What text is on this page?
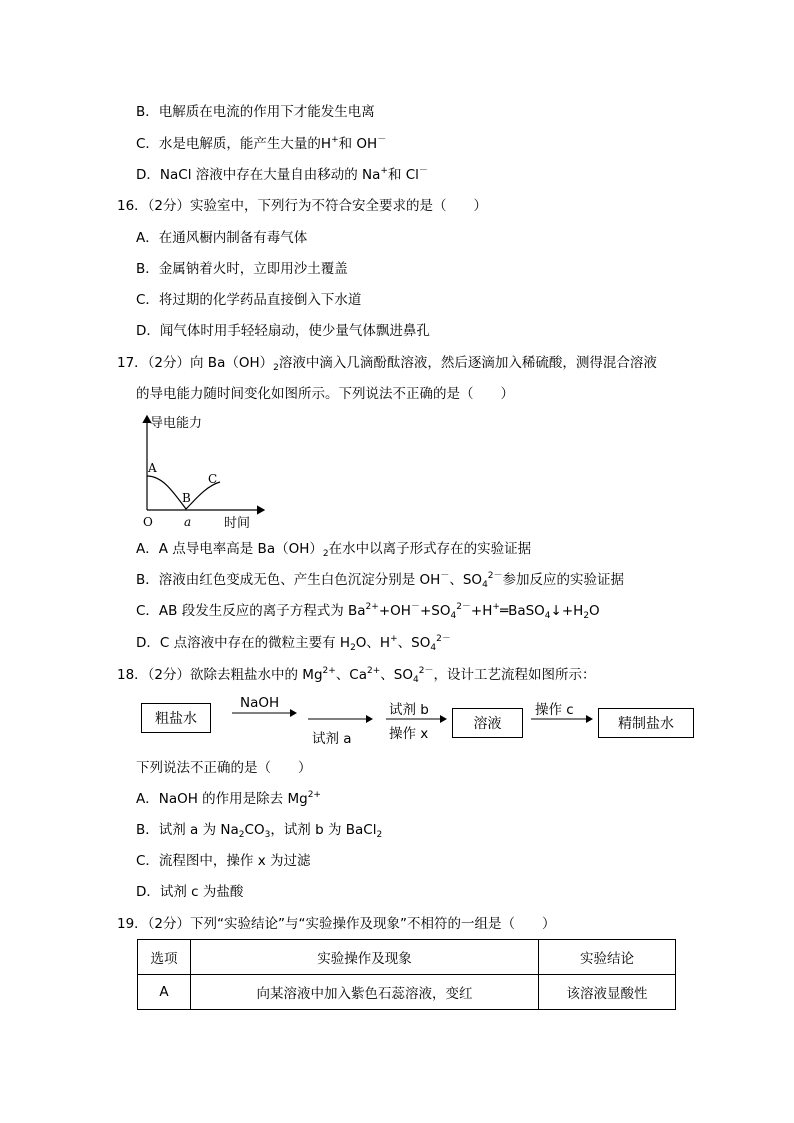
B．电解质在电流的作用下才能发生电离
C．水是电解质，能产生大量的H+和 OH－
D．NaCl 溶液中存在大量自由移动的 Na+和 Cl－
16．（2分）实验室中，下列行为不符合安全要求的是（　　）
A．在通风橱内制备有毒气体
B．金属钠着火时，立即用沙土覆盖
C．将过期的化学药品直接倒入下水道
D．闻气体时用手轻轻扇动，使少量气体飘进鼻孔
17．（2分）向 $Ba(OH)_2$溶液中滴入几滴酚酞溶液，然后逐滴加入稀硫酸，测得混合溶液
的导电能力随时间变化如图所示。下列说法不正确的是（　　）
导电能力
A
B
C
O	a	时间
A．A 点导电率高是 $Ba(OH)_2$在水中以离子形式存在的实验证据
B．溶液由红色变成无色、产生白色沉淀分别是 OH－、$SO_4^{2-}$参加反应的实验证据
C．AB 段发生反应的离子方程式为 $Ba^{2+}+OH^-+SO_4^{2-}+H^+═BaSO_4↓+H_2O$
D．C 点溶液中存在的微粒主要有 $H_2O$、H+、$SO_4^{2-}$
18．（2分）欲除去粗盐水中的 $Mg^{2+}$、$Ca^{2+}$、$SO_4^{2-}$，设计工艺流程如图所示：
粗盐水
NaOH
试剂 a
试剂 b
操作 x
溶液
操作 c
精制盐水
下列说法不正确的是（　　）
A．NaOH 的作用是除去 $Mg^{2+}$
B．试剂 a 为 $Na_2CO_3$，试剂 b 为 BaCl$_2$
C．流程图中，操作 x 为过滤
D．试剂 c 为盐酸
19．（2分）下列“实验结论”与“实验操作及现象”不相符的一组是（　　）
选项	实验操作及现象	实验结论
A	向某溶液中加入紫色石蕊溶液，变红	该溶液显酸性
